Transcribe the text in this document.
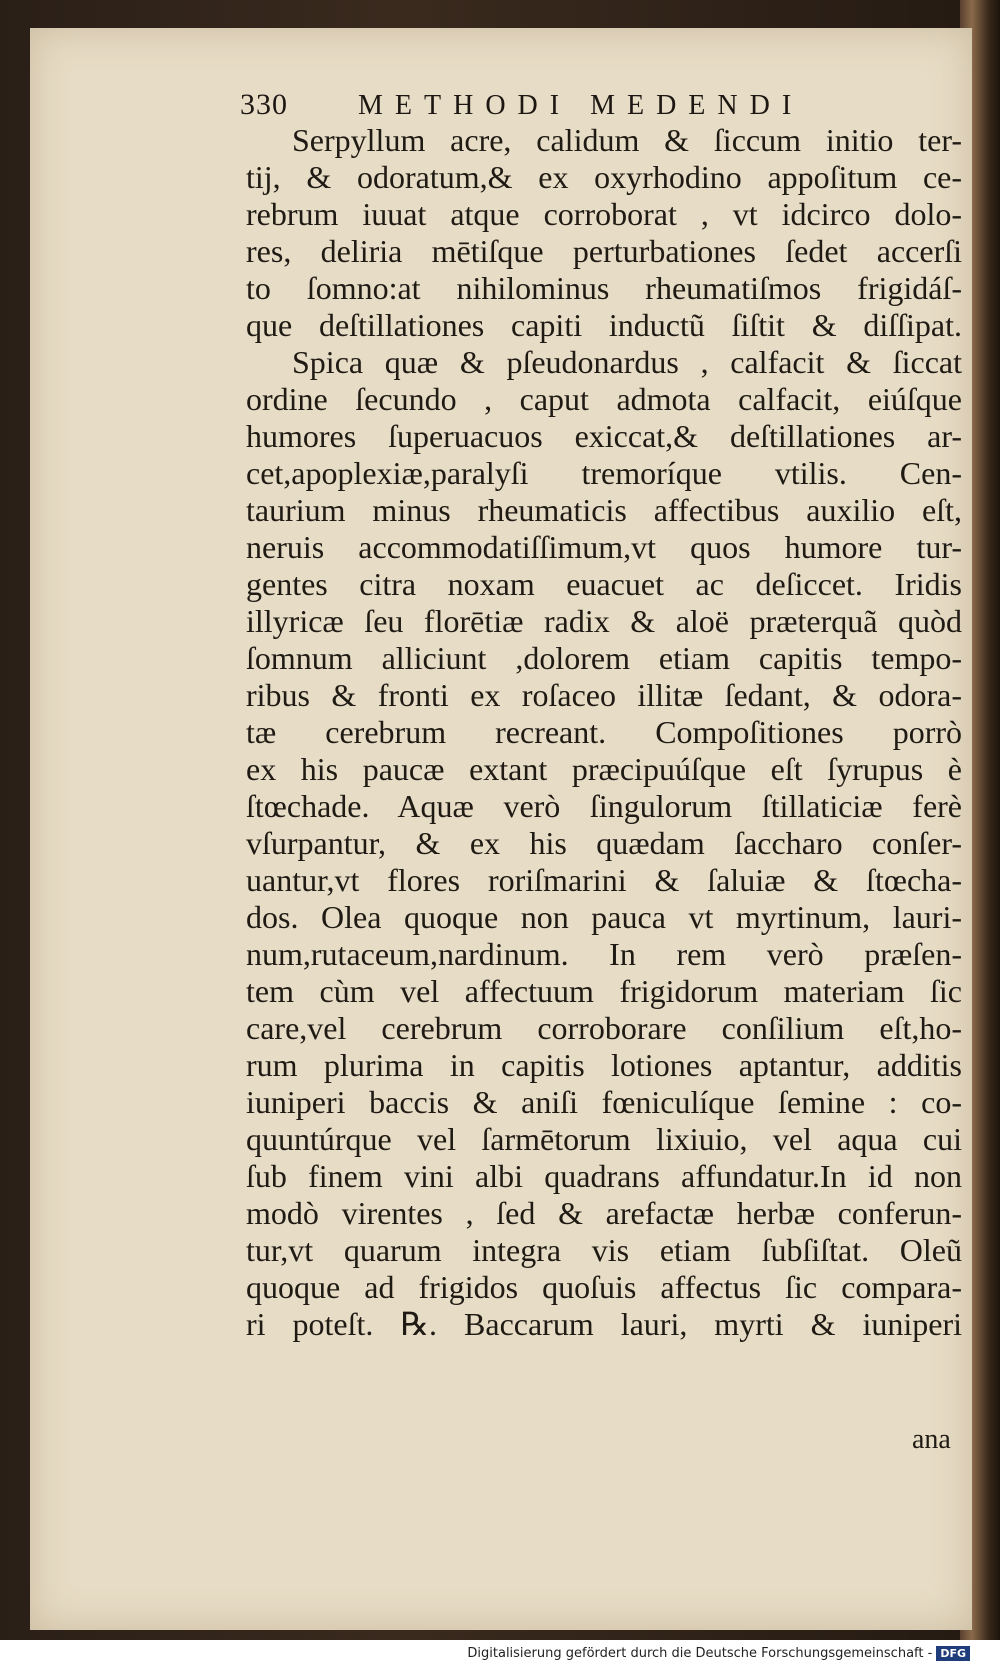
330	METHODI MEDENDI
Serpyllum acre, calidum & ſiccum initio ter-
tij, & odoratum,& ex oxyrhodino appoſitum ce-
rebrum iuuat atque corroborat , vt idcirco dolo-
res, deliria mētiſque perturbationes ſedet accerſi
to ſomno:at nihilominus rheumatiſmos frigidáſ-
que deſtillationes capiti inductũ ſiſtit & diſſipat.
Spica quæ & pſeudonardus , calfacit & ſiccat
ordine ſecundo , caput admota calfacit, eiúſque
humores ſuperuacuos exiccat,& deſtillationes ar-
cet,apoplexiæ,paralyſi tremoríque vtilis. Cen-
taurium minus rheumaticis affectibus auxilio eſt,
neruis accommodatiſſimum,vt quos humore tur-
gentes citra noxam euacuet ac deſiccet. Iridis
illyricæ ſeu florētiæ radix & aloë præterquã quòd
ſomnum alliciunt ,dolorem etiam capitis tempo-
ribus & fronti ex roſaceo illitæ ſedant, & odora-
tæ cerebrum recreant. Compoſitiones porrò
ex his paucæ extant præcipuúſque eſt ſyrupus è
ſtœchade. Aquæ verò ſingulorum ſtillaticiæ ferè
vſurpantur, & ex his quædam ſaccharo conſer-
uantur,vt flores roriſmarini & ſaluiæ & ſtœcha-
dos. Olea quoque non pauca vt myrtinum, lauri-
num,rutaceum,nardinum. In rem verò præſen-
tem cùm vel affectuum frigidorum materiam ſic
care,vel cerebrum corroborare conſilium eſt,ho-
rum plurima in capitis lotiones aptantur, additis
iuniperi baccis & aniſi fœniculíque ſemine : co-
quuntúrque vel ſarmētorum lixiuio, vel aqua cui
ſub finem vini albi quadrans affundatur.In id non
modò virentes , ſed & arefactæ herbæ conferun-
tur,vt quarum integra vis etiam ſubſiſtat. Oleũ
quoque ad frigidos quoſuis affectus ſic compara-
ri poteſt. ℞. Baccarum lauri, myrti & iuniperi
ana
Digitalisierung gefördert durch die Deutsche Forschungsgemeinschaft - DFG
